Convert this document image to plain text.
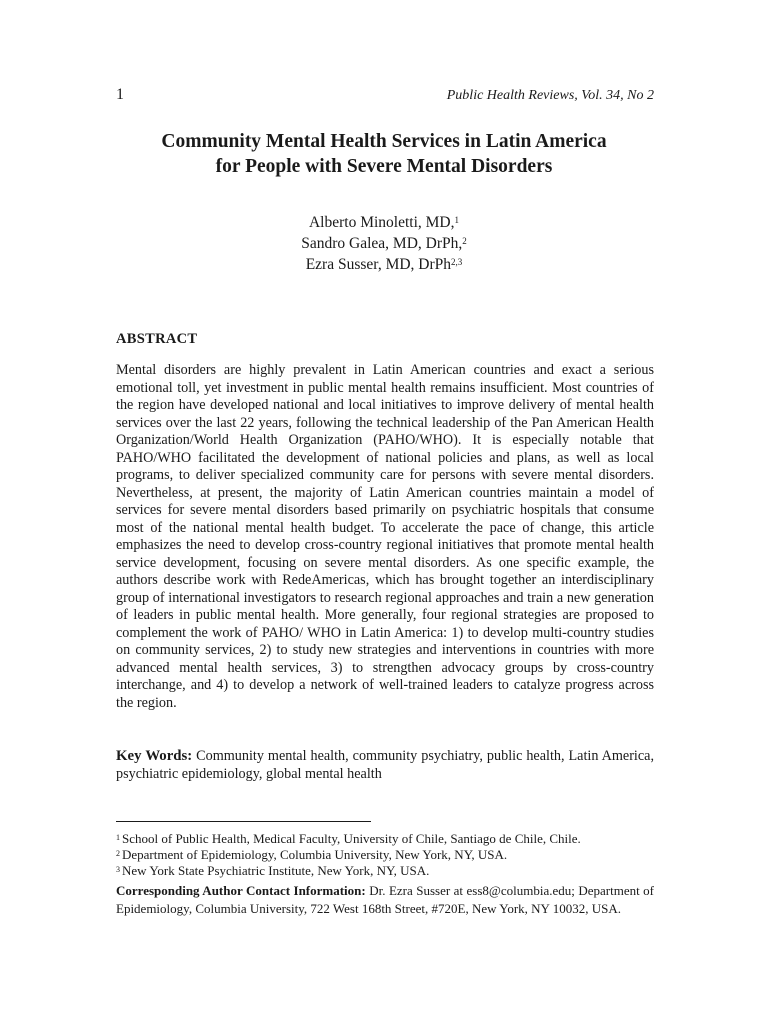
1	Public Health Reviews, Vol. 34, No 2
Community Mental Health Services in Latin America
for People with Severe Mental Disorders
Alberto Minoletti, MD,$^1$
Sandro Galea, MD, DrPh,$^2$
Ezra Susser, MD, DrPh$^{2,3}$
ABSTRACT
Mental disorders are highly prevalent in Latin American countries and exact a serious emotional toll, yet investment in public mental health remains insufficient. Most countries of the region have developed national and local initiatives to improve delivery of mental health services over the last 22 years, following the technical leadership of the Pan American Health Organization/World Health Organization (PAHO/WHO). It is especially notable that PAHO/WHO facilitated the development of national policies and plans, as well as local programs, to deliver specialized community care for persons with severe mental disorders. Nevertheless, at present, the majority of Latin American countries maintain a model of services for severe mental disorders based primarily on psychiatric hospitals that consume most of the national mental health budget. To accelerate the pace of change, this article emphasizes the need to develop cross-country regional initiatives that promote mental health service development, focusing on severe mental disorders. As one specific example, the authors describe work with RedeAmericas, which has brought together an interdisciplinary group of international investigators to research regional approaches and train a new generation of leaders in public mental health. More generally, four regional strategies are proposed to complement the work of PAHO/ WHO in Latin America: 1) to develop multi-country studies on community services, 2) to study new strategies and interventions in countries with more advanced mental health services, 3) to strengthen advocacy groups by cross-country interchange, and 4) to develop a network of well-trained leaders to catalyze progress across the region.
Key Words: Community mental health, community psychiatry, public health, Latin America, psychiatric epidemiology, global mental health
$^1$ School of Public Health, Medical Faculty, University of Chile, Santiago de Chile, Chile.
$^2$ Department of Epidemiology, Columbia University, New York, NY, USA.
$^3$ New York State Psychiatric Institute, New York, NY, USA.
Corresponding Author Contact Information: Dr. Ezra Susser at ess8@columbia.edu; Department of Epidemiology, Columbia University, 722 West 168th Street, #720E, New York, NY 10032, USA.
